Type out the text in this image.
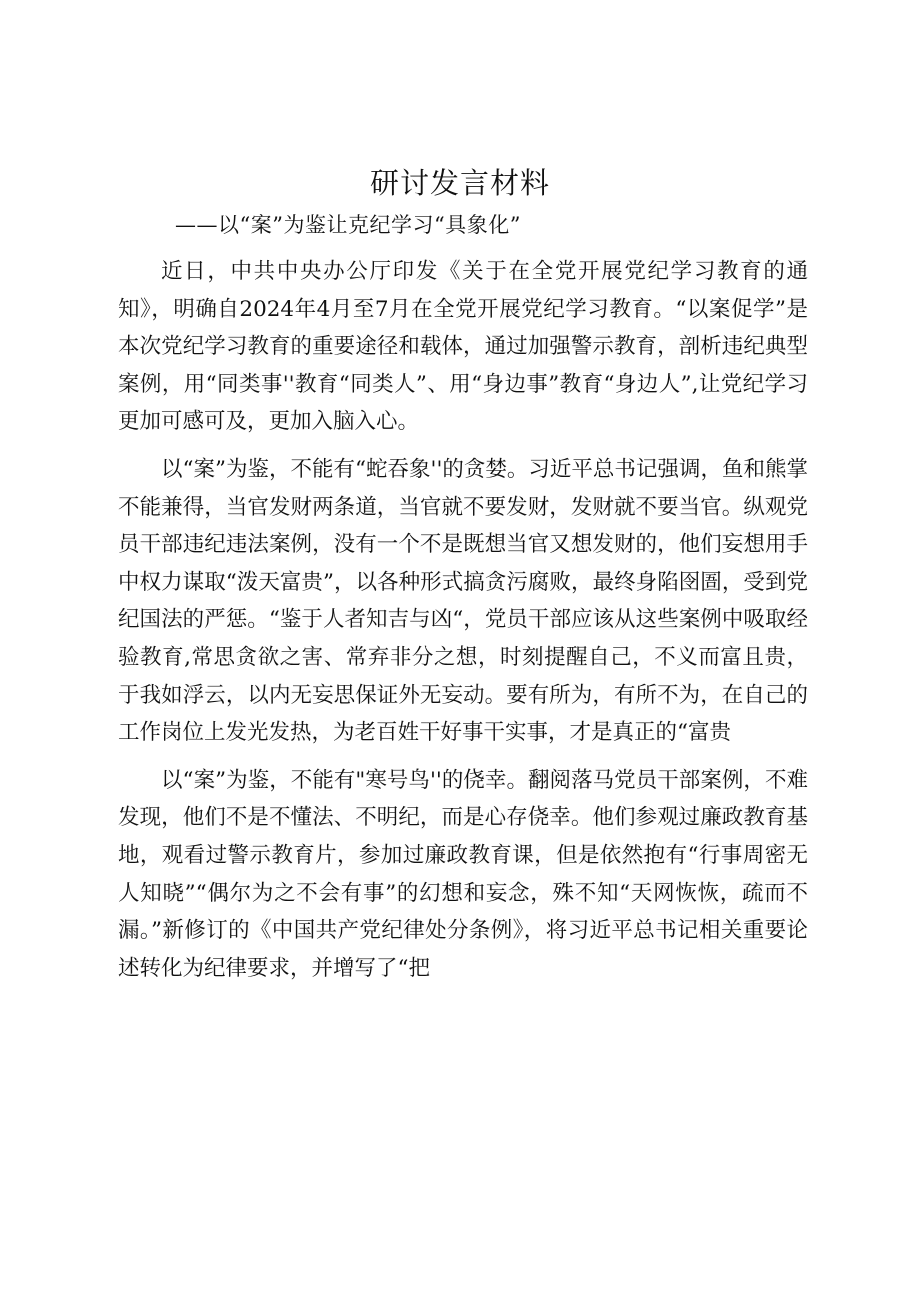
研讨发言材料

——以“案”为鉴让克纪学习“具象化”

近日，中共中央办公厅印发《关于在全党开展党纪学习教育的通知》，明确自2024年4月至7月在全党开展党纪学习教育。“以案促学”是本次党纪学习教育的重要途径和载体，通过加强警示教育，剖析违纪典型案例，用“同类事''教育“同类人”、用“身边事”教育“身边人”,让党纪学习更加可感可及，更加入脑入心。

以“案”为鉴，不能有“蛇吞象''的贪婪。习近平总书记强调，鱼和熊掌不能兼得，当官发财两条道，当官就不要发财，发财就不要当官。纵观党员干部违纪违法案例，没有一个不是既想当官又想发财的，他们妄想用手中权力谋取“泼天富贵”，以各种形式搞贪污腐败，最终身陷囹圄，受到党纪国法的严惩。“鉴于人者知吉与凶“，党员干部应该从这些案例中吸取经验教育,常思贪欲之害、常弃非分之想，时刻提醒自己，不义而富且贵，于我如浮云，以内无妄思保证外无妄动。要有所为，有所不为，在自己的工作岗位上发光发热，为老百姓干好事干实事，才是真正的“富贵

以“案”为鉴，不能有"寒号鸟''的侥幸。翻阅落马党员干部案例，不难发现，他们不是不懂法、不明纪，而是心存侥幸。他们参观过廉政教育基地，观看过警示教育片，参加过廉政教育课，但是依然抱有“行事周密无人知晓”“偶尔为之不会有事”的幻想和妄念，殊不知“天网恢恢，疏而不漏。”新修订的《中国共产党纪律处分条例》，将习近平总书记相关重要论述转化为纪律要求，并增写了“把
